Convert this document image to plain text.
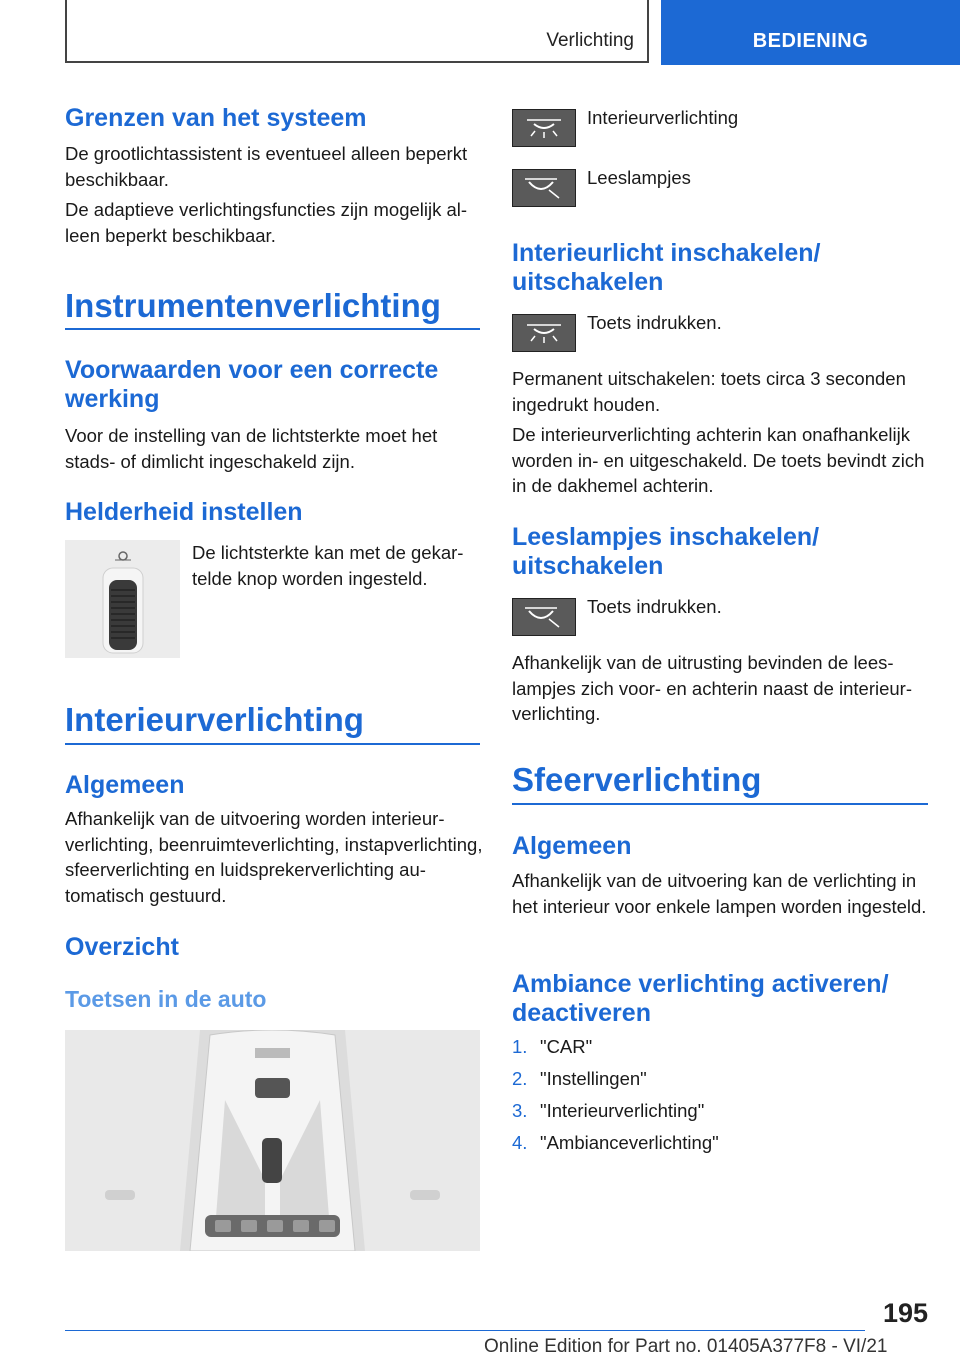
Verlichting	BEDIENING
Grenzen van het systeem

De grootlichtassistent is eventueel alleen beperkt beschikbaar.

De adaptieve verlichtingsfuncties zijn mogelijk alleen beperkt beschikbaar.

Instrumentenverlichting
Voorwaarden voor een correcte werking

Voor de instelling van de lichtsterkte moet het stads- of dimlicht ingeschakeld zijn.

Helderheid instellen

De lichtsterkte kan met de gekartelde knop worden ingesteld.

Interieurverlichting
Algemeen

Afhankelijk van de uitvoering worden interieurverlichting, beenruimteverlichting, instapverlichting, sfeerverlichting en luidsprekerverlichting automatisch gestuurd.

Overzicht
Toetsen in de auto

Interieurverlichting

Leeslampjes

Interieurlicht inschakelen/ uitschakelen

Toets indrukken.

Permanent uitschakelen: toets circa 3 seconden ingedrukt houden.

De interieurverlichting achterin kan onafhankelijk worden in- en uitgeschakeld. De toets bevindt zich in de dakhemel achterin.

Leeslampjes inschakelen/ uitschakelen

Toets indrukken.

Afhankelijk van de uitrusting bevinden de leeslampjes zich voor- en achterin naast de interieurverlichting.

Sfeerverlichting
Algemeen

Afhankelijk van de uitvoering kan de verlichting in het interieur voor enkele lampen worden ingesteld.

Ambiance verlichting activeren/ deactiveren
1. "CAR"
2. "Instellingen"
3. "Interieurverlichting"
4. "Ambianceverlichting"
195
Online Edition for Part no. 01405A377F8 - VI/21
